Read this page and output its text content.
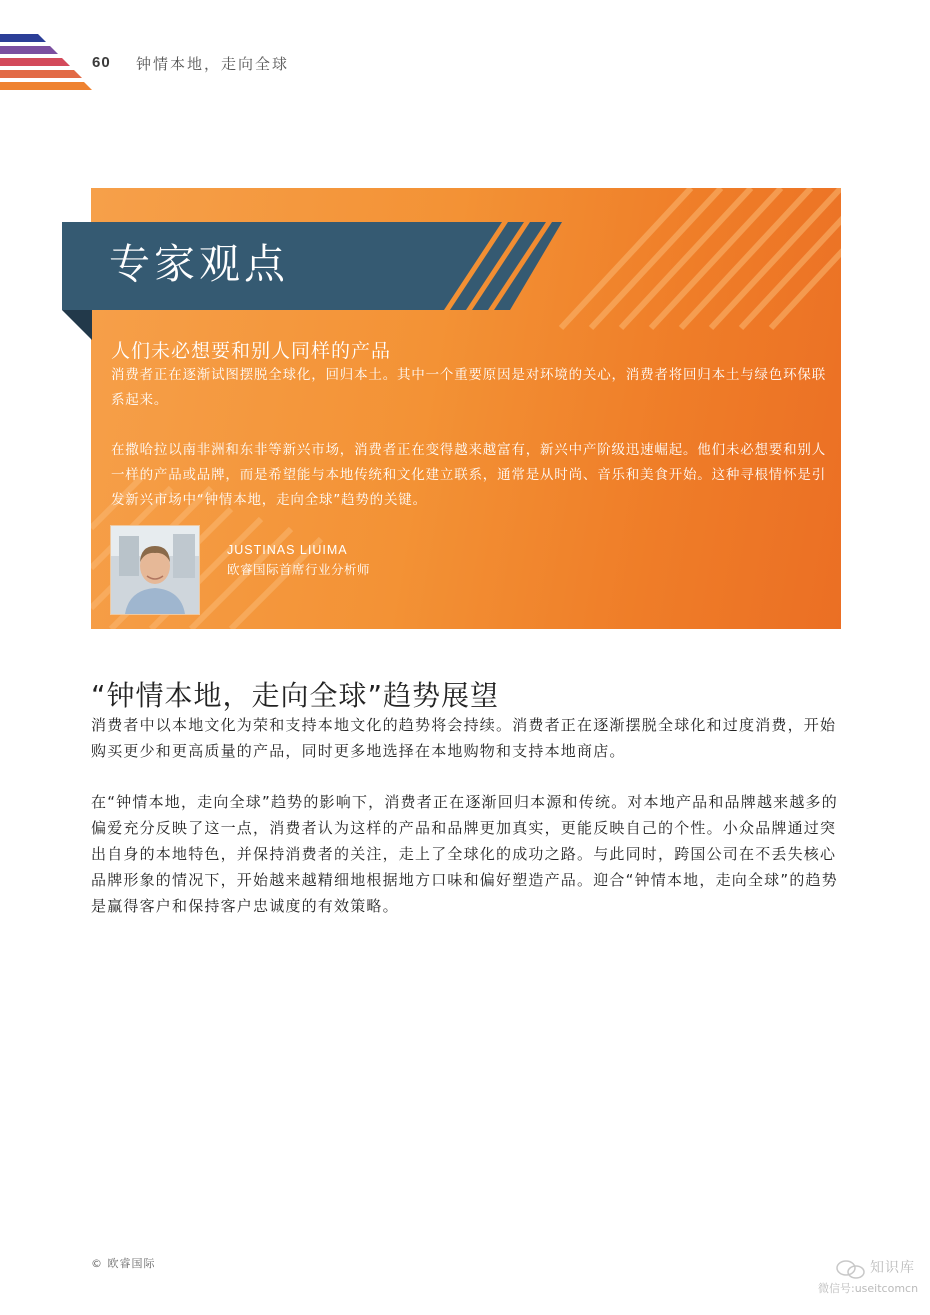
60 钟情本地，走向全球
专家观点
人们未必想要和别人同样的产品

消费者正在逐渐试图摆脱全球化，回归本土。其中一个重要原因是对环境的关心，消费者将回归本土与绿色环保联系起来。

在撒哈拉以南非洲和东非等新兴市场，消费者正在变得越来越富有，新兴中产阶级迅速崛起。他们未必想要和别人一样的产品或品牌，而是希望能与本地传统和文化建立联系，通常是从时尚、音乐和美食开始。这种寻根情怀是引发新兴市场中“钟情本地，走向全球”趋势的关键。

JUSTINAS LIUIMA
欧睿国际首席行业分析师
“钟情本地，走向全球”趋势展望

消费者中以本地文化为荣和支持本地文化的趋势将会持续。消费者正在逐渐摆脱全球化和过度消费，开始购买更少和更高质量的产品，同时更多地选择在本地购物和支持本地商店。

在“钟情本地，走向全球”趋势的影响下，消费者正在逐渐回归本源和传统。对本地产品和品牌越来越多的偏爱充分反映了这一点，消费者认为这样的产品和品牌更加真实，更能反映自己的个性。小众品牌通过突出自身的本地特色，并保持消费者的关注，走上了全球化的成功之路。与此同时，跨国公司在不丢失核心品牌形象的情况下，开始越来越精细地根据地方口味和偏好塑造产品。迎合“钟情本地，走向全球”的趋势是赢得客户和保持客户忠诚度的有效策略。

© 欧睿国际	知识库
微信号:useitcomcn
